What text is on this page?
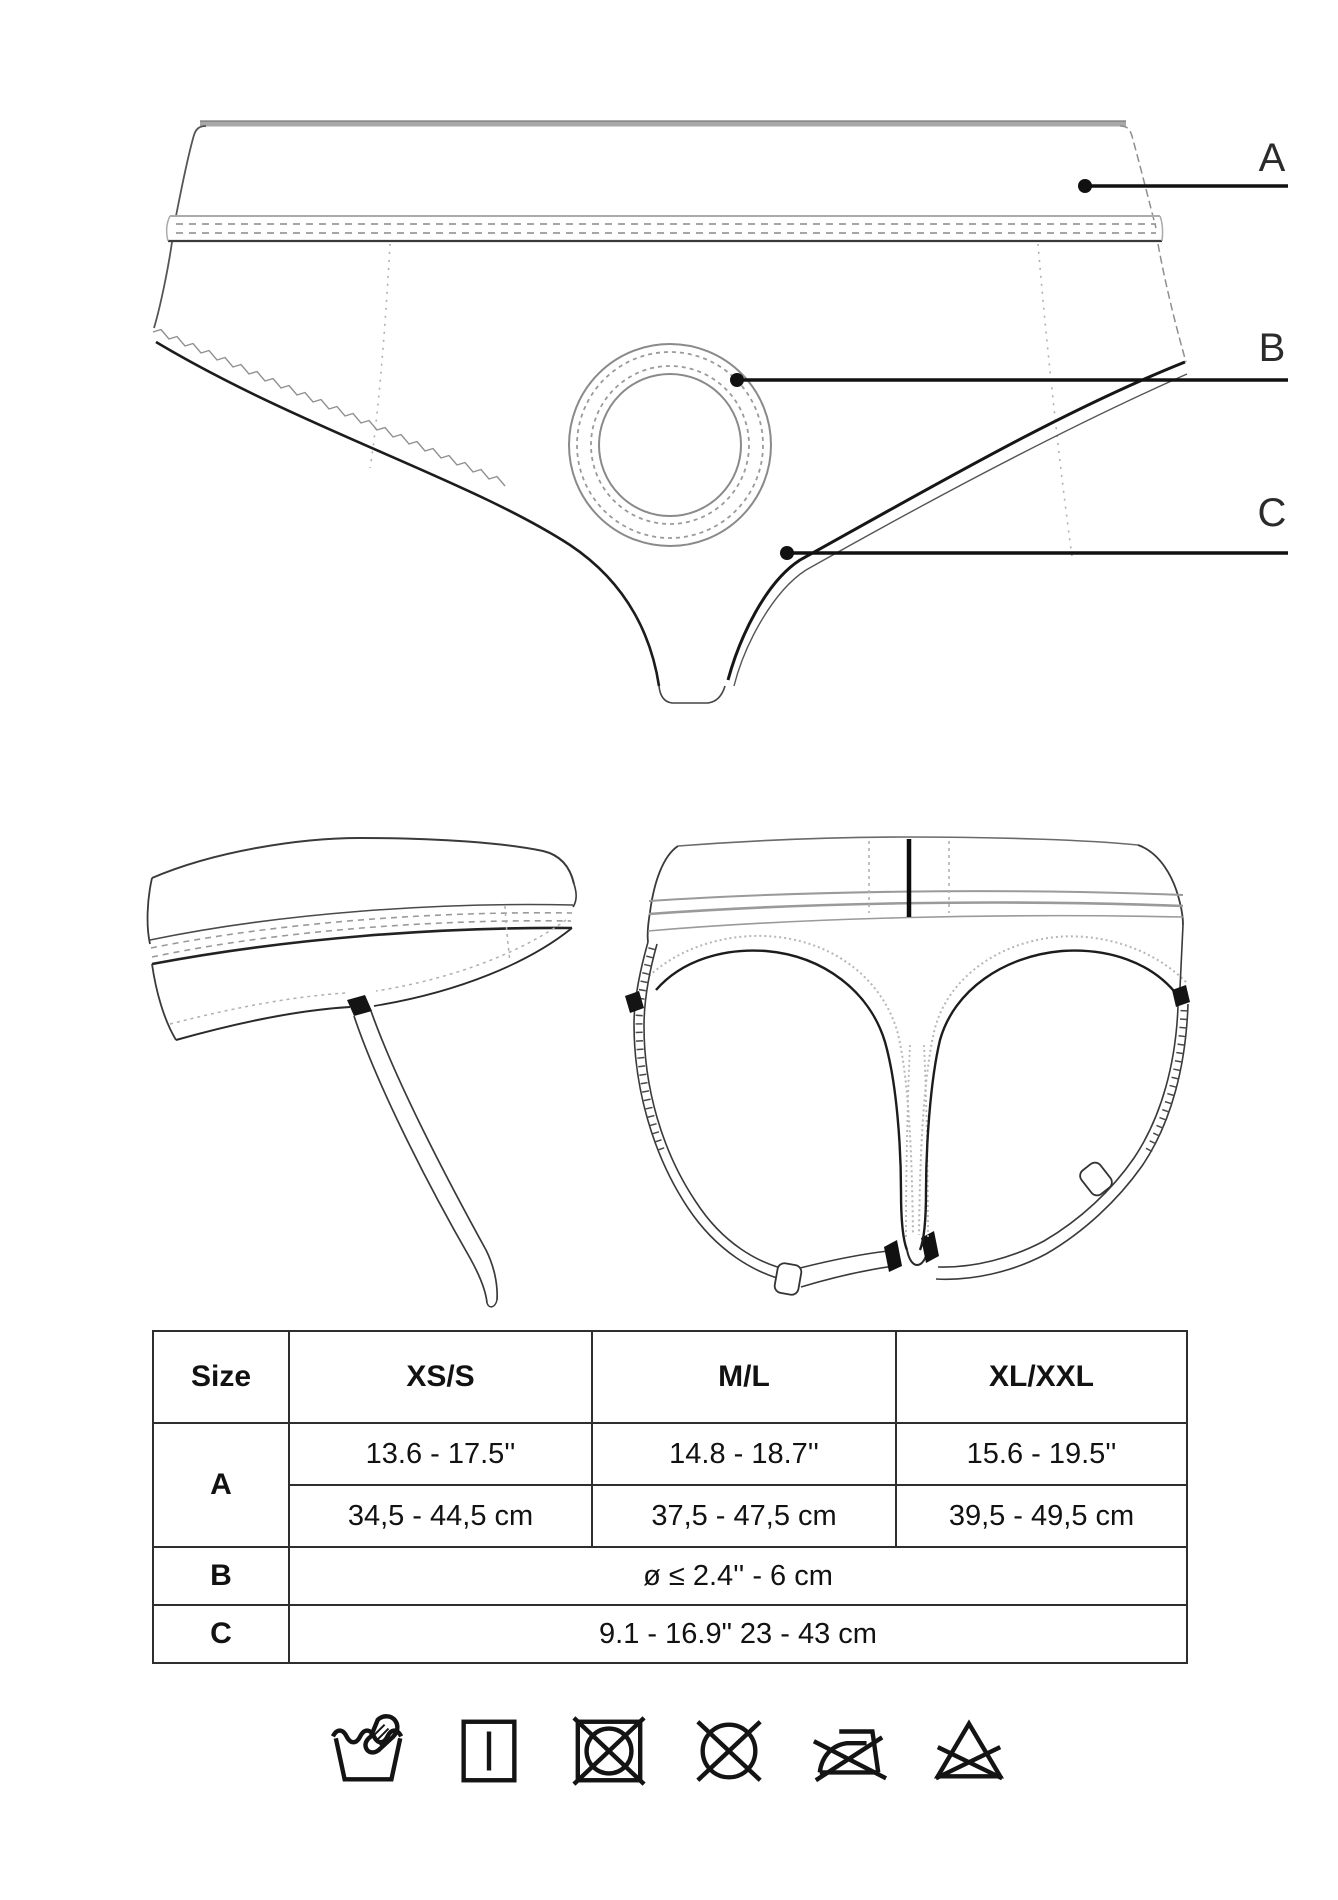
A
B
C
Size	XS/S	M/L	XL/XXL
A	13.6 - 17.5''	14.8 - 18.7''	15.6 - 19.5''
	34,5 - 44,5 cm	37,5 - 47,5 cm	39,5 - 49,5 cm
B	ø ≤ 2.4'' - 6 cm		
C	9.1 - 16.9" 23 - 43 cm		
